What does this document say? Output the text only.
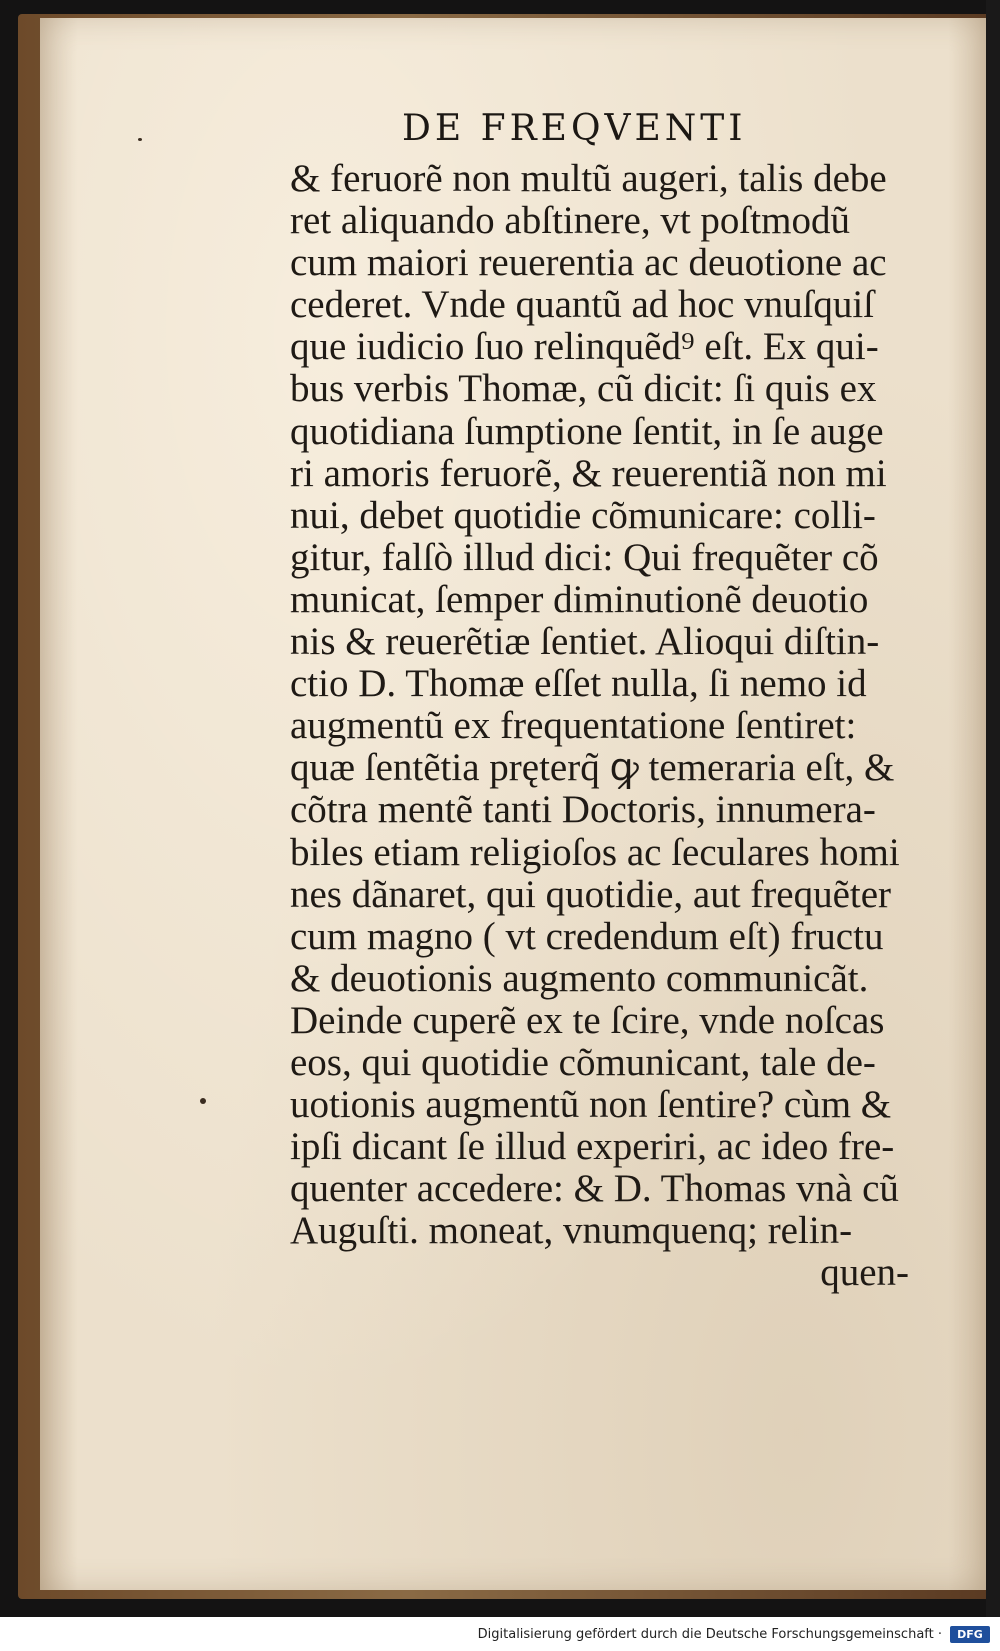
DE FREQVENTI
& feruorẽ non multũ augeri, talis debe
ret aliquando abſtinere, vt poſtmodũ
cum maiori reuerentia ac deuotione ac
cederet. Vnde quantũ ad hoc vnuſquiſ
que iudicio ſuo relinquẽd⁹ eſt. Ex qui-
bus verbis Thomæ, cũ dicit: ſi quis ex
quotidiana ſumptione ſentit, in ſe auge
ri amoris feruorẽ, & reuerentiã non mi
nui, debet quotidie cõmunicare: colli-
gitur, falſò illud dici: Qui frequẽter cõ
municat, ſemper diminutionẽ deuotio
nis & reuerẽtiæ ſentiet. Alioqui diſtin-
ctio D. Thomæ eſſet nulla, ſi nemo id
augmentũ ex frequentatione ſentiret:
quæ ſentẽtia pręterq̃ ꝙ temeraria eſt, &
cõtra mentẽ tanti Doctoris, innumera-
biles etiam religioſos ac ſeculares homi
nes dãnaret, qui quotidie, aut frequẽter
cum magno ( vt credendum eſt) fructu
& deuotionis augmento communicãt.
Deinde cuperẽ ex te ſcire, vnde noſcas
eos, qui quotidie cõmunicant, tale de-
uotionis augmentũ non ſentire? cùm &
ipſi dicant ſe illud experiri, ac ideo fre-
quenter accedere: & D. Thomas vnà cũ
Auguſti. moneat, vnumquenq; relin-
quen-
Digitalisierung gefördert durch die Deutsche Forschungsgemeinschaft ·	DFG
